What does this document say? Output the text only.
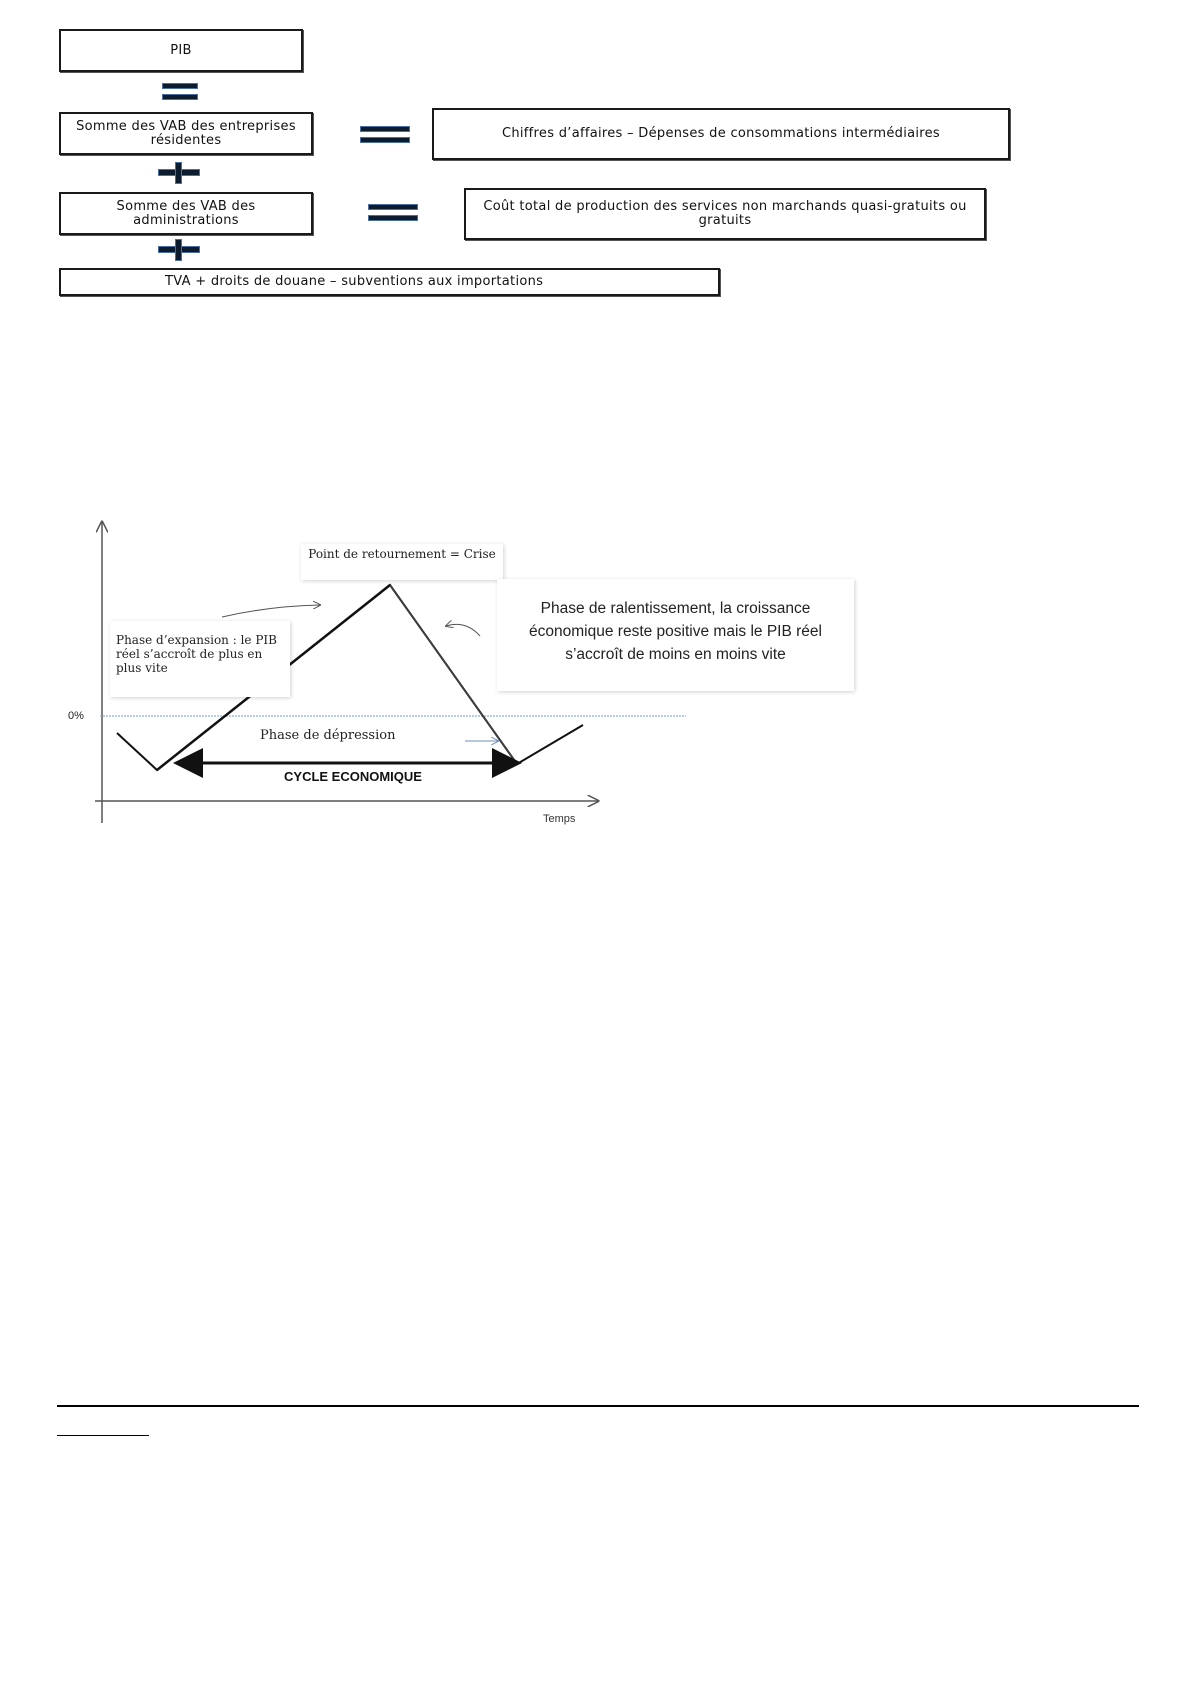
PIB
Somme des VAB des entreprises résidentes	Chiffres d’affaires – Dépenses de consommations intermédiaires
Somme des VAB des administrations
Coût total de production des services non marchands quasi-gratuits ou gratuits
TVA + droits de douane – subventions aux importations
0%
CYCLE ECONOMIQUE
Temps
Point de retournement = Crise
Phase d’expansion : le PIB réel s’accroît de plus en plus vite
Phase de ralentissement, la croissance économique reste positive mais le PIB réel s’accroît de moins en moins vite
Phase de dépression
